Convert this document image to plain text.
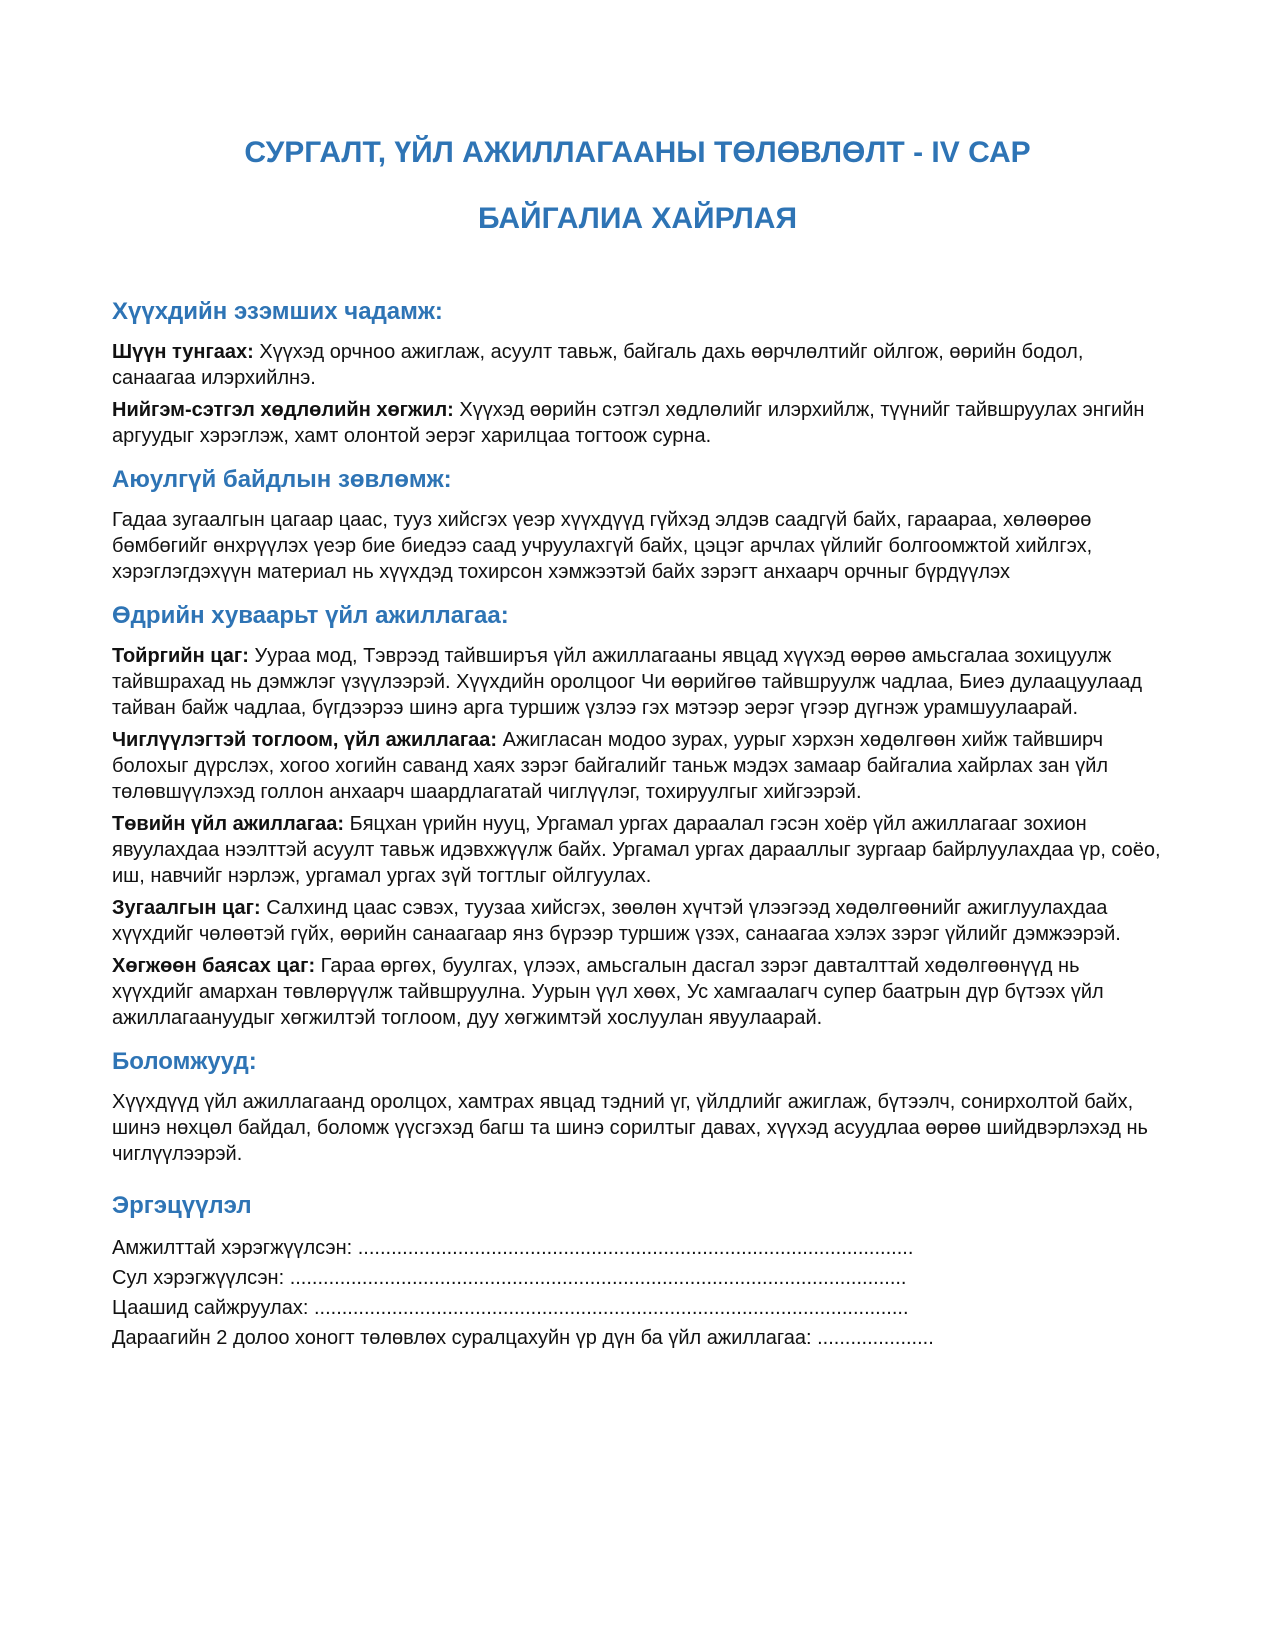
СУРГАЛТ, ҮЙЛ АЖИЛЛАГААНЫ ТӨЛӨВЛӨЛТ - IV САР
БАЙГАЛИА ХАЙРЛАЯ
Хүүхдийн эзэмших чадамж:

Шүүн тунгаах: Хүүхэд орчноо ажиглаж, асуулт тавьж, байгаль дахь өөрчлөлтийг ойлгож, өөрийн бодол, санаагаа илэрхийлнэ.

Нийгэм-сэтгэл хөдлөлийн хөгжил: Хүүхэд өөрийн сэтгэл хөдлөлийг илэрхийлж, түүнийг тайвшруулах энгийн аргуудыг хэрэглэж, хамт олонтой эерэг харилцаа тогтоож сурна.

Аюулгүй байдлын зөвлөмж:

Гадаа зугаалгын цагаар цаас, тууз хийсгэх үеэр хүүхдүүд гүйхэд элдэв саадгүй байх, гараараа, хөлөөрөө бөмбөгийг өнхрүүлэх үеэр бие биедээ саад учруулахгүй байх, цэцэг арчлах үйлийг болгоомжтой хийлгэх, хэрэглэгдэхүүн материал нь хүүхдэд тохирсон хэмжээтэй байх зэрэгт анхаарч орчныг бүрдүүлэх

Өдрийн хуваарьт үйл ажиллагаа:

Тойргийн цаг: Уураа мод, Тэврээд тайвширъя үйл ажиллагааны явцад хүүхэд өөрөө амьсгалаа зохицуулж тайвшрахад нь дэмжлэг үзүүлээрэй. Хүүхдийн оролцоог Чи өөрийгөө тайвшруулж чадлаа, Биеэ дулаацуулаад тайван байж чадлаа, бүгдээрээ шинэ арга туршиж үзлээ гэх мэтээр эерэг үгээр дүгнэж урамшуулаарай.

Чиглүүлэгтэй тоглоом, үйл ажиллагаа: Ажигласан модоо зурах, уурыг хэрхэн хөдөлгөөн хийж тайвширч болохыг дүрслэх, хогоо хогийн саванд хаях зэрэг байгалийг таньж мэдэх замаар байгалиа хайрлах зан үйл төлөвшүүлэхэд голлон анхаарч шаардлагатай чиглүүлэг, тохируулгыг хийгээрэй.

Төвийн үйл ажиллагаа: Бяцхан үрийн нууц, Ургамал ургах дараалал гэсэн хоёр үйл ажиллагааг зохион явуулахдаа нээлттэй асуулт тавьж идэвхжүүлж байх. Ургамал ургах дарааллыг зургаар байрлуулахдаа үр, соёо, иш, навчийг нэрлэж, ургамал ургах зүй тогтлыг ойлгуулах.

Зугаалгын цаг: Салхинд цаас сэвэх, туузаа хийсгэх, зөөлөн хүчтэй үлээгээд хөдөлгөөнийг ажиглуулахдаа хүүхдийг чөлөөтэй гүйх, өөрийн санаагаар янз бүрээр туршиж үзэх, санаагаа хэлэх зэрэг үйлийг дэмжээрэй.

Хөгжөөн баясах цаг: Гараа өргөх, буулгах, үлээх, амьсгалын дасгал зэрэг давталттай хөдөлгөөнүүд нь хүүхдийг амархан төвлөрүүлж тайвшруулна. Уурын үүл хөөх, Ус хамгаалагч супер баатрын дүр бүтээх үйл ажиллагаануудыг хөгжилтэй тоглоом, дуу хөгжимтэй хослуулан явуулаарай.

Боломжууд:

Хүүхдүүд үйл ажиллагаанд оролцох, хамтрах явцад тэдний үг, үйлдлийг ажиглаж, бүтээлч, сонирхолтой байх, шинэ нөхцөл байдал, боломж үүсгэхэд багш та шинэ сорилтыг давах, хүүхэд асуудлаа өөрөө шийдвэрлэхэд нь чиглүүлээрэй.

Эргэцүүлэл

Амжилттай хэрэгжүүлсэн: ....................................................................................................

Сул хэрэгжүүлсэн: ...............................................................................................................

Цаашид сайжруулах: ...........................................................................................................

Дараагийн 2 долоо хоногт төлөвлөх суралцахуйн үр дүн ба үйл ажиллагаа: .....................
